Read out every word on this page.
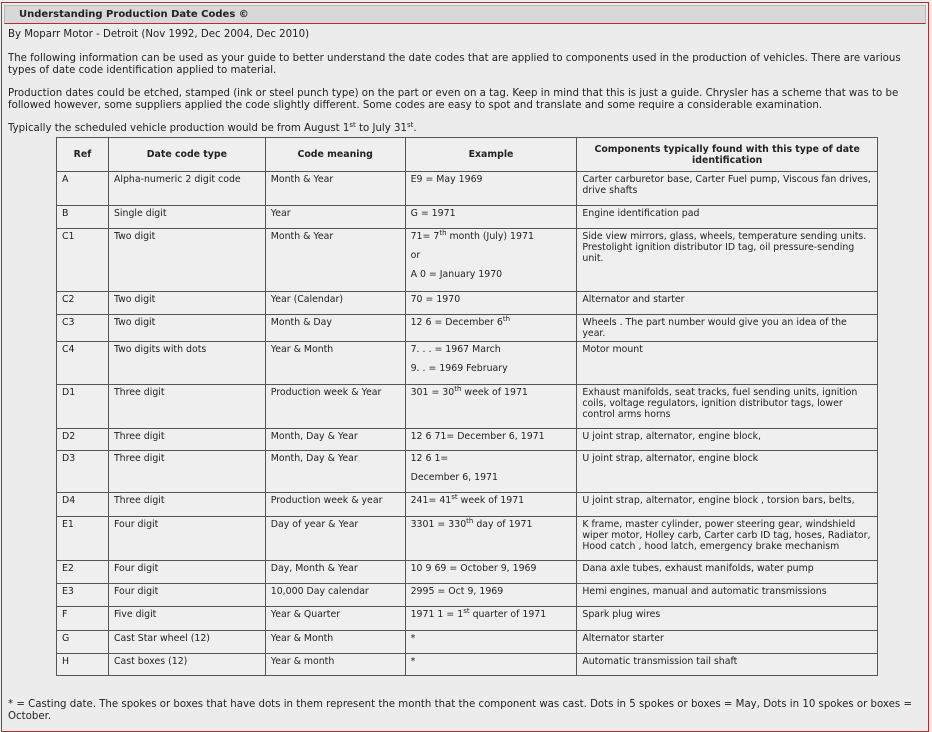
Understanding Production Date Codes ©

By Moparr Motor - Detroit (Nov 1992, Dec 2004, Dec 2010)

The following information can be used as your guide to better understand the date codes that are applied to components used in the production of vehicles. There are various types of date code identification applied to material.

Production dates could be etched, stamped (ink or steel punch type) on the part or even on a tag. Keep in mind that this is just a guide. Chrysler has a scheme that was to be followed however, some suppliers applied the code slightly different. Some codes are easy to spot and translate and some require a considerable examination.

Typically the scheduled vehicle production would be from August 1st to July 31st.

Ref	Date code type	Code meaning	Example	Components typically found with this type of date identification
A	Alpha-numeric 2 digit code	Month & Year	E9 = May 1969	Carter carburetor base, Carter Fuel pump, Viscous fan drives, drive shafts
B	Single digit	Year	G = 1971	Engine identification pad
C1	Two digit	Month & Year	71= 7th month (July) 1971
or
A 0 = January 1970	Side view mirrors, glass, wheels, temperature sending units. Prestolight ignition distributor ID tag, oil pressure-sending unit.
C2	Two digit	Year (Calendar)	70 = 1970	Alternator and starter
C3	Two digit	Month & Day	12 6 = December 6th	Wheels . The part number would give you an idea of the year.
C4	Two digits with dots	Year & Month	7. . . = 1967 March
9. . = 1969 February	Motor mount
D1	Three digit	Production week & Year	301 = 30th week of 1971	Exhaust manifolds, seat tracks, fuel sending units, ignition coils, voltage regulators, ignition distributor tags, lower control arms horns
D2	Three digit	Month, Day & Year	12 6 71= December 6, 1971	U joint strap, alternator, engine block,
D3	Three digit	Month, Day & Year	12 6 1=
December 6, 1971	U joint strap, alternator, engine block
D4	Three digit	Production week & year	241= 41st week of 1971	U joint strap, alternator, engine block , torsion bars, belts,
E1	Four digit	Day of year & Year	3301 = 330th day of 1971	K frame, master cylinder, power steering gear, windshield wiper motor, Holley carb, Carter carb ID tag, hoses, Radiator, Hood catch , hood latch, emergency brake mechanism
E2	Four digit	Day, Month & Year	10 9 69 = October 9, 1969	Dana axle tubes, exhaust manifolds, water pump
E3	Four digit	10,000 Day calendar	2995 = Oct 9, 1969	Hemi engines, manual and automatic transmissions
F	Five digit	Year & Quarter	1971 1 = 1st quarter of 1971	Spark plug wires
G	Cast Star wheel (12)	Year & Month	*	Alternator starter
H	Cast boxes (12)	Year & month	*	Automatic transmission tail shaft

* = Casting date. The spokes or boxes that have dots in them represent the month that the component was cast. Dots in 5 spokes or boxes = May, Dots in 10 spokes or boxes = October.
